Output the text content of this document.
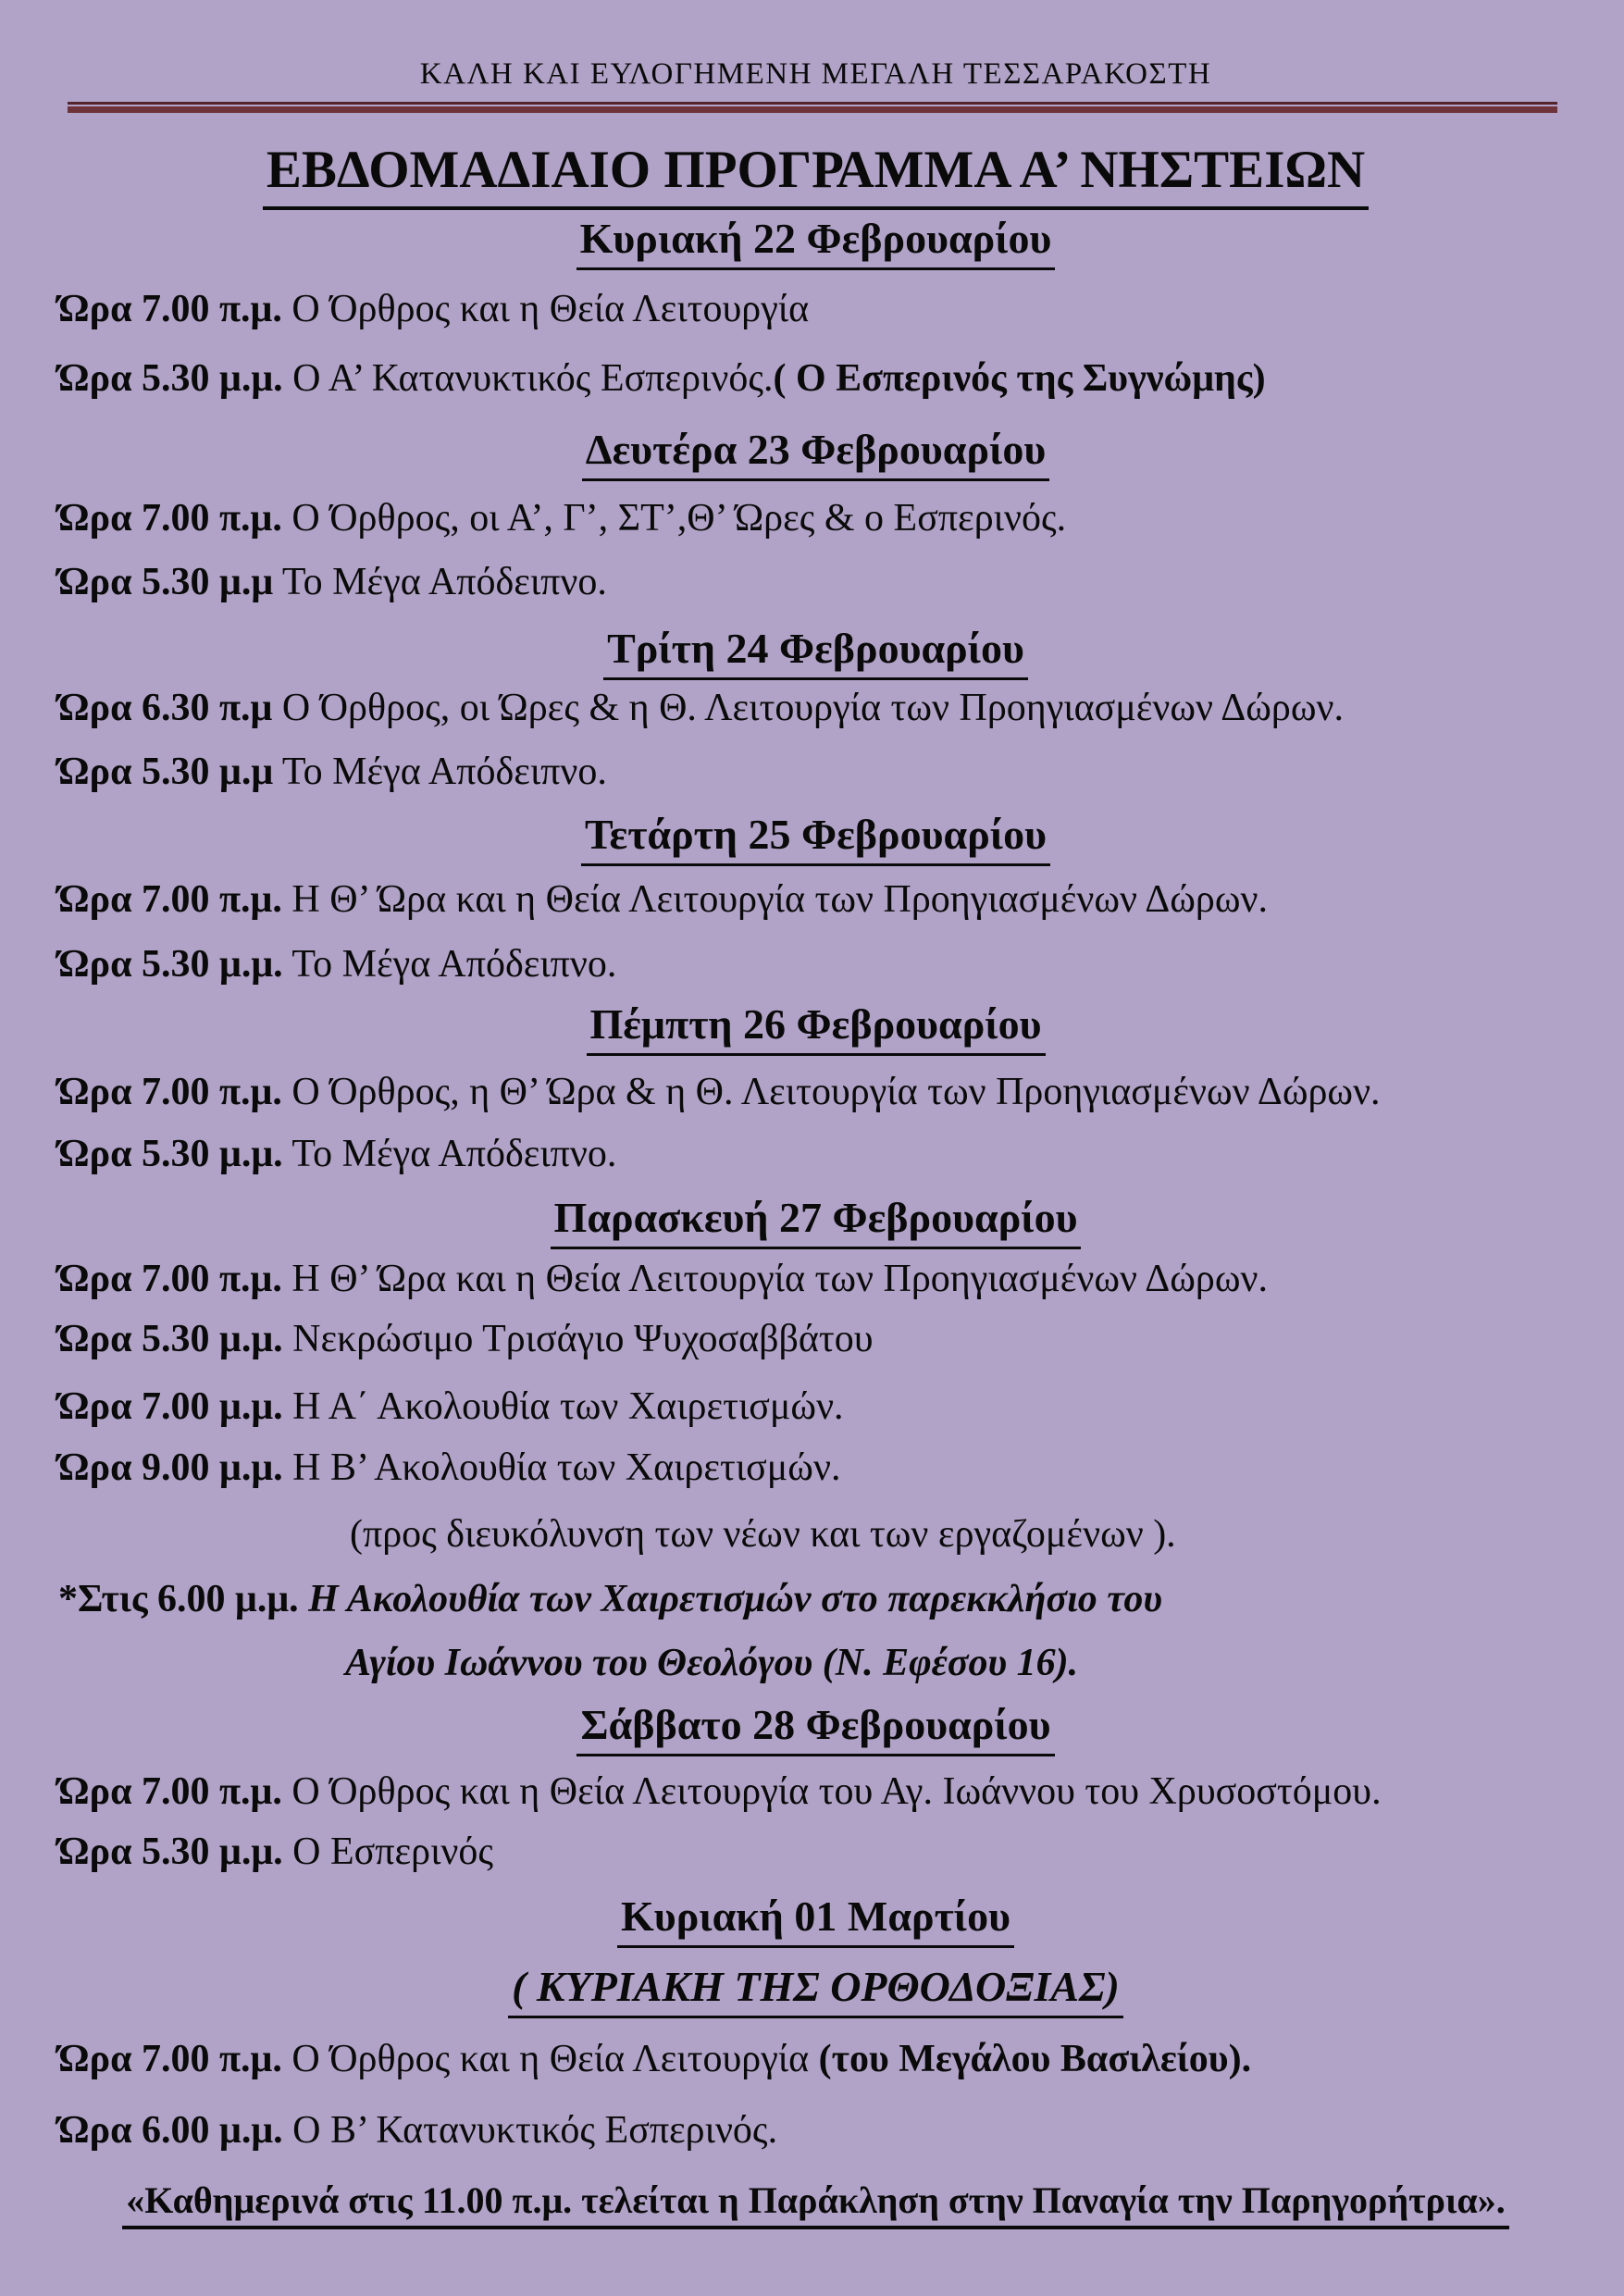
ΚΑΛΗ ΚΑΙ ΕΥΛΟΓΗΜΕΝΗ ΜΕΓΑΛΗ ΤΕΣΣΑΡΑΚΟΣΤΗ
ΕΒΔΟΜΑΔΙΑΙΟ ΠΡΟΓΡΑΜΜΑ Α’ ΝΗΣΤΕΙΩΝ
Κυριακή 22 Φεβρουαρίου
Ώρα 7.00 π.μ. Ο Όρθρος και η Θεία Λειτουργία
Ώρα 5.30 μ.μ. Ο Α’ Κατανυκτικός Εσπερινός.( Ο Εσπερινός της Συγνώμης)
Δευτέρα 23 Φεβρουαρίου
Ώρα 7.00 π.μ. Ο Όρθρος, οι Α’, Γ’, ΣΤ’,Θ’ Ώρες & ο Εσπερινός.
Ώρα 5.30 μ.μ Το Μέγα Απόδειπνο.
Τρίτη 24 Φεβρουαρίου
Ώρα 6.30 π.μ Ο Όρθρος, οι Ώρες & η Θ. Λειτουργία των Προηγιασμένων Δώρων.
Ώρα 5.30 μ.μ Το Μέγα Απόδειπνο.
Τετάρτη 25 Φεβρουαρίου
Ώρα 7.00 π.μ. Η Θ’ Ώρα και η Θεία Λειτουργία των Προηγιασμένων Δώρων.
Ώρα 5.30 μ.μ. Το Μέγα Απόδειπνο.
Πέμπτη 26 Φεβρουαρίου
Ώρα 7.00 π.μ. Ο Όρθρος, η Θ’ Ώρα & η Θ. Λειτουργία των Προηγιασμένων Δώρων.
Ώρα 5.30 μ.μ. Το Μέγα Απόδειπνο.
Παρασκευή 27 Φεβρουαρίου
Ώρα 7.00 π.μ. Η Θ’ Ώρα και η Θεία Λειτουργία των Προηγιασμένων Δώρων.
Ώρα 5.30 μ.μ. Νεκρώσιμο Τρισάγιο Ψυχοσαββάτου
Ώρα 7.00 μ.μ. Η Α΄ Ακολουθία των Χαιρετισμών.
Ώρα 9.00 μ.μ. Η Β’ Ακολουθία των Χαιρετισμών.
(προς διευκόλυνση των νέων και των εργαζομένων ).
*Στις 6.00 μ.μ. Η Ακολουθία των Χαιρετισμών στο παρεκκλήσιο του
Αγίου Ιωάννου του Θεολόγου (Ν. Εφέσου 16).
Σάββατο 28 Φεβρουαρίου
Ώρα 7.00 π.μ. Ο Όρθρος και η Θεία Λειτουργία του Αγ. Ιωάννου του Χρυσοστόμου.
Ώρα 5.30 μ.μ. Ο Εσπερινός
Κυριακή 01 Μαρτίου
( ΚΥΡΙΑΚΗ ΤΗΣ ΟΡΘΟΔΟΞΙΑΣ)
Ώρα 7.00 π.μ. Ο Όρθρος και η Θεία Λειτουργία (του Μεγάλου Βασιλείου).
Ώρα 6.00 μ.μ. Ο Β’ Κατανυκτικός Εσπερινός.
«Καθημερινά στις 11.00 π.μ. τελείται η Παράκληση στην Παναγία την Παρηγορήτρια».
